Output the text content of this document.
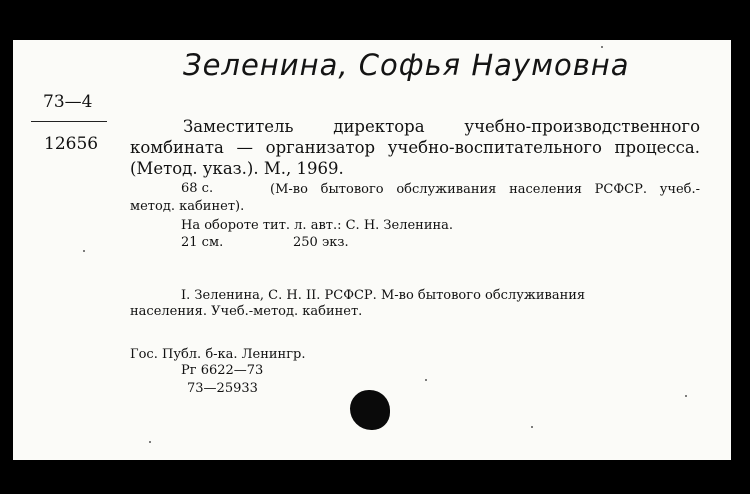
Зеленина, Софья Наумовна
73—4
12656
Заместитель директора учебно-производственного комбината — организатор учебно-воспитательного процесса. (Метод. указ.). М., 1969.
68 с.	(М-во бытового обслуживания населения РСФСР. учеб.-метод. кабинет).
На обороте тит. л. авт.: С. Н. Зеленина.
21 см.	250 экз.
I. Зеленина, С. Н. II. РСФСР. М-во бытового обслуживания
населения. Учеб.-метод. кабинет.
Гос. Публ. б-ка. Ленингр.
Рг 6622—73
73—25933
